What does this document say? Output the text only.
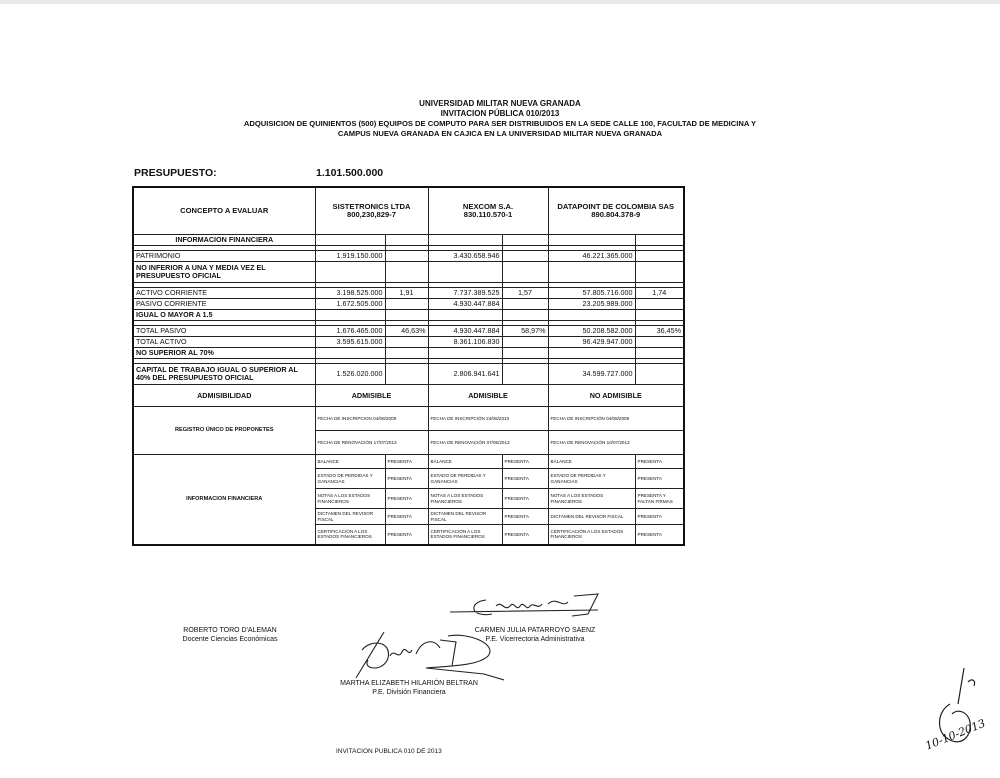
UNIVERSIDAD MILITAR NUEVA GRANADA
INVITACION PÚBLICA 010/2013
ADQUISICION DE QUINIENTOS (500) EQUIPOS DE COMPUTO PARA SER DISTRIBUIDOS EN LA SEDE CALLE 100, FACULTAD DE MEDICINA Y
CAMPUS NUEVA GRANADA EN CAJICA EN LA UNIVERSIDAD MILITAR NUEVA GRANADA
PRESUPUESTO:	1.101.500.000
CONCEPTO A EVALUAR	SISTETRONICS LTDA
800,230,829-7

NEXCOM S.A.
830.110.570-1

DATAPOINT DE COLOMBIA SAS
890.804.378-9

INFORMACION FINANCIERA						

PATRIMONIO	1.919.150.000		3.430.658.946		46.221.365.000	
NO INFERIOR A UNA Y MEDIA VEZ EL PRESUPUESTO OFICIAL						

ACTIVO CORRIENTE	3.198.525.000	1,91	7.737.389.525	1,57	57.805.716.000	1,74
PASIVO CORRIENTE	1.672.505.000		4.930.447.884		23.205.989.000	
IGUAL O MAYOR A 1.5						

TOTAL PASIVO	1.676.465.000	46,63%	4.930.447.884	58,97%	50.208.582.000	36,45%
TOTAL ACTIVO	3.595.615.000		8.361.106.830		96.429.947.000	
NO SUPERIOR AL 70%						

CAPITAL DE TRABAJO IGUAL O SUPERIOR AL 40% DEL PRESUPUESTO OFICIAL	1.526.020.000		2.806.941.641		34.599.727.000	
ADMISIBILIDAD	ADMISIBLE	ADMISIBLE	NO ADMISIBLE
REGISTRO ÚNICO DE PROPONETES	FECHA DE INSCRIPCION 04/08/2009	FECHA DE INSCRIPCIÓN 24/06/2010	FECHA DE INSCRIPCIÓN 04/08/2009
FECHA DE RENOVACIÓN 17/07/2013	FECHA DE RENOVACIÓN 07/06/2013	FECHA DE RENOVACIÓN 10/07/2013
INFORMACION FINANCIERA	BALANCE	PRESENTA	BALANCE	PRESENTA	BALANCE	PRESENTA
ESTADO DE PERDIDAS Y GANANCIAS	PRESENTA	ESTADO DE PERDIDAS Y GANANCIAS	PRESENTA	ESTADO DE PERDIDAS Y GANANCIAS	PRESENTA
NOTAS A LOS ESTADOS FINANCIEROS	PRESENTA	NOTAS A LOS ESTADOS FINANCIEROS	PRESENTA	NOTAS A LOS ESTADOS FINANCIEROS	PRESENTA Y FALTAN FIRMAS
DICTAMEN DEL REVISOR FISCAL	PRESENTA	DICTAMEN DEL REVISOR FISCAL	PRESENTA	DICTAMEN DEL REVISOR FISCAL	PRESENTA
CERTIFICACIÓN A LOS ESTADOS FINANCIEROS	PRESENTA	CERTIFICACIÓN A LOS ESTADOS FINANCIEROS	PRESENTA	CERTIFICACIÓN A LOS ESTADOS FINANCIEROS	PRESENTA
10-10-2013
ROBERTO TORO D'ALEMAN
Docente Ciencias Económicas
CARMEN JULIA PATARROYO SAENZ
P.E. Vicerrectoria Administrativa
MARTHA ELIZABETH HILARIÓN BELTRAN
P.E. División Financiera
INVITACION PUBLICA 010 DE 2013
